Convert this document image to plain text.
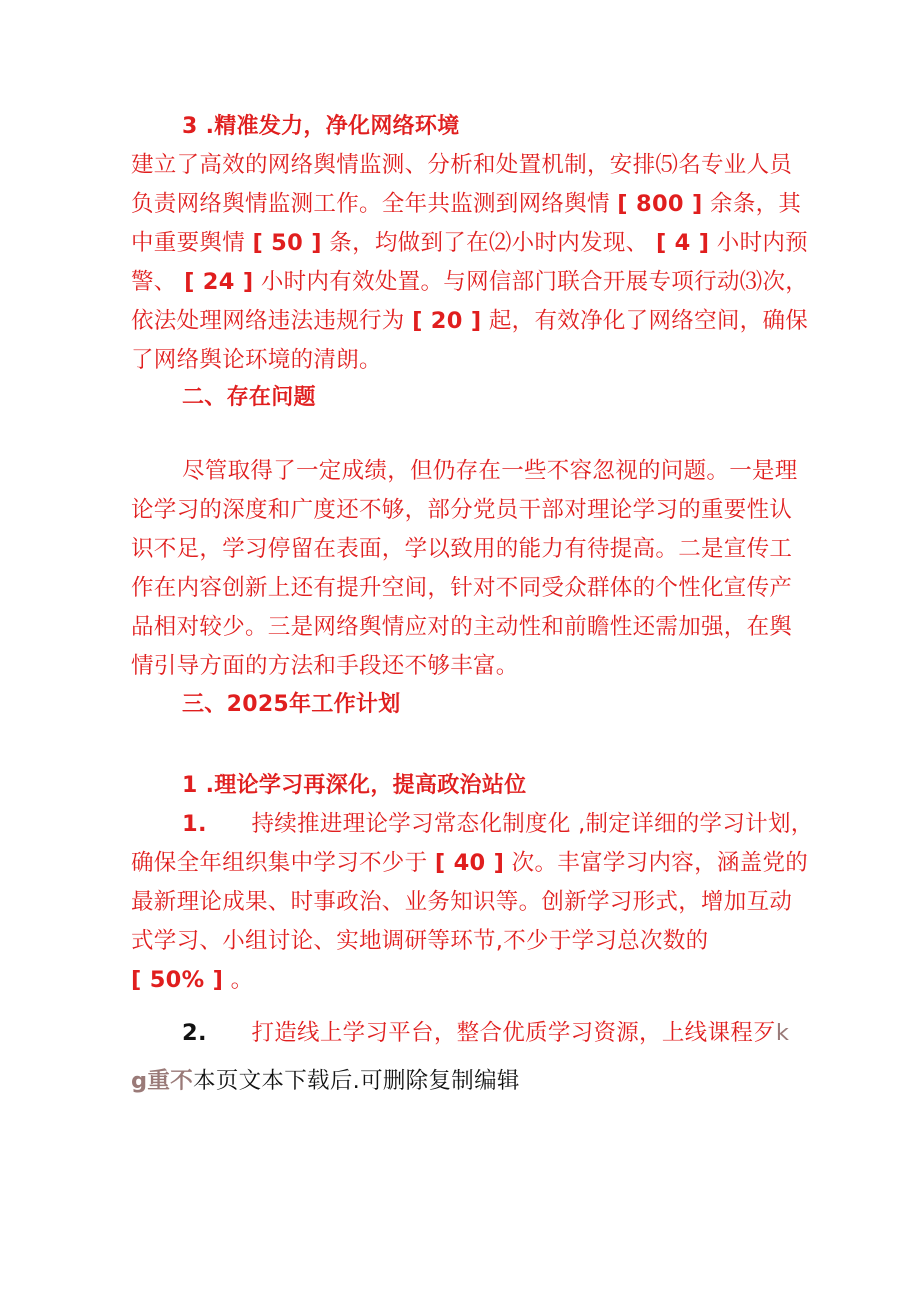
3 .精准发力，净化网络环境
建立了高效的网络舆情监测、分析和处置机制，安排⑸名专业人员
负责网络舆情监测工作。全年共监测到网络舆情 [ 800 ] 余条，其
中重要舆情 [ 50 ] 条，均做到了在⑵小时内发现、 [ 4 ] 小时内预
警、 [ 24 ] 小时内有效处置。与网信部门联合开展专项行动⑶次，
依法处理网络违法违规行为 [ 20 ] 起，有效净化了网络空间，确保
了网络舆论环境的清朗。
二、存在问题
尽管取得了一定成绩，但仍存在一些不容忽视的问题。一是理
论学习的深度和广度还不够，部分党员干部对理论学习的重要性认
识不足，学习停留在表面，学以致用的能力有待提高。二是宣传工
作在内容创新上还有提升空间，针对不同受众群体的个性化宣传产
品相对较少。三是网络舆情应对的主动性和前瞻性还需加强，在舆
情引导方面的方法和手段还不够丰富。
三、2025年工作计划
1 .理论学习再深化，提高政治站位
1. 持续推进理论学习常态化制度化 ,制定详细的学习计划，
确保全年组织集中学习不少于 [ 40 ] 次。丰富学习内容，涵盖党的
最新理论成果、时事政治、业务知识等。创新学习形式，增加互动
式学习、小组讨论、实地调研等环节,不少于学习总次数的
[ 50% ] 。
2. 打造线上学习平台，整合优质学习资源，上线课程歹k
g重不本页文本下载后.可删除复制编辑
